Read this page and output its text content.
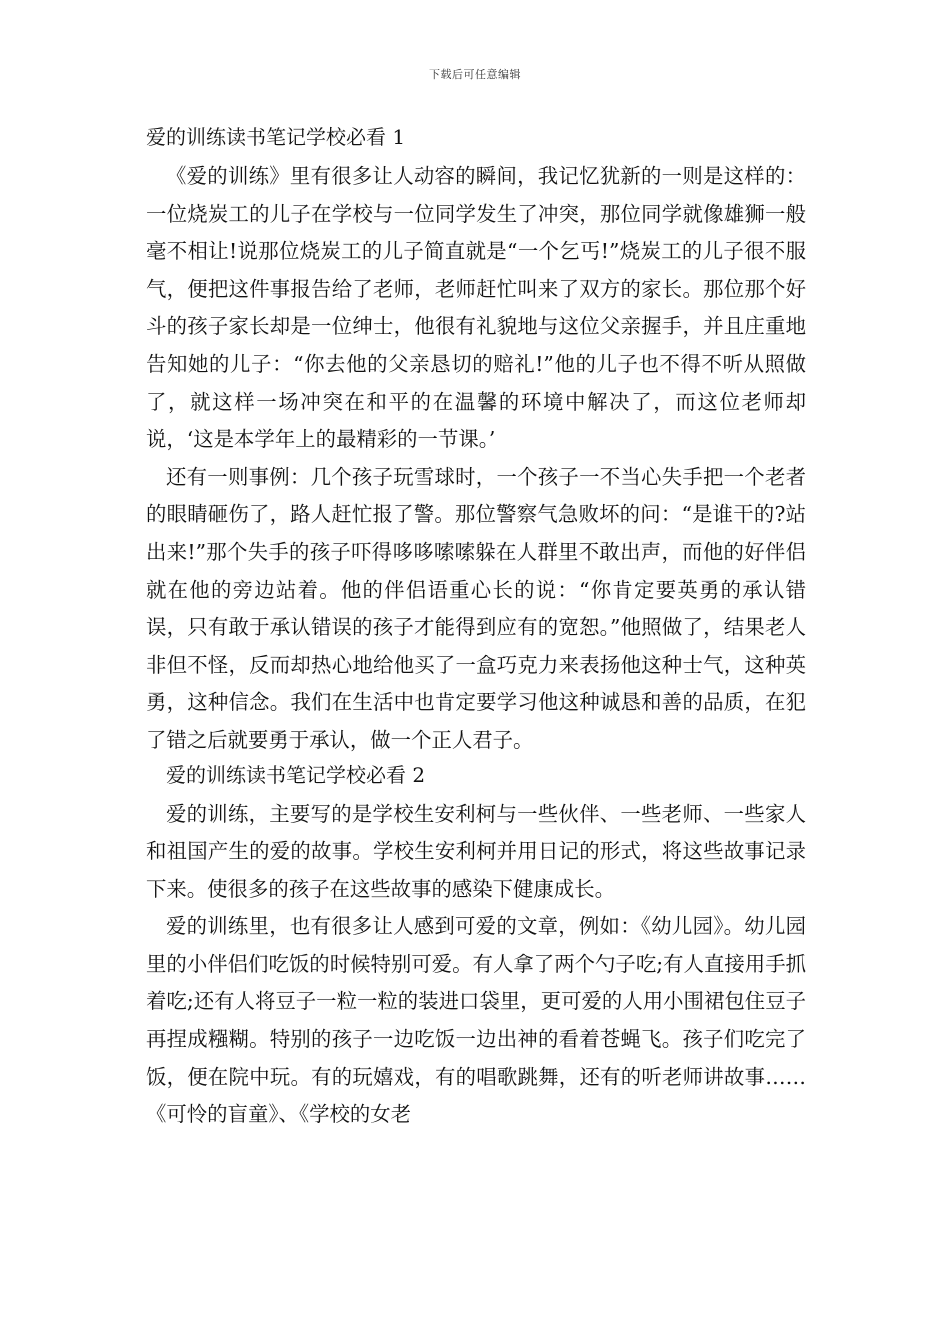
下载后可任意编辑
爱的训练读书笔记学校必看 1

《爱的训练》里有很多让人动容的瞬间，我记忆犹新的一则是这样的：一位烧炭工的儿子在学校与一位同学发生了冲突，那位同学就像雄狮一般毫不相让!说那位烧炭工的儿子简直就是“一个乞丐!”烧炭工的儿子很不服气，便把这件事报告给了老师，老师赶忙叫来了双方的家长。那位那个好斗的孩子家长却是一位绅士，他很有礼貌地与这位父亲握手，并且庄重地告知她的儿子：“你去他的父亲恳切的赔礼!”他的儿子也不得不听从照做了，就这样一场冲突在和平的在温馨的环境中解决了，而这位老师却说，‘这是本学年上的最精彩的一节课。’

还有一则事例：几个孩子玩雪球时，一个孩子一不当心失手把一个老者的眼睛砸伤了，路人赶忙报了警。那位警察气急败坏的问：“是谁干的?站出来!”那个失手的孩子吓得哆哆嗦嗦躲在人群里不敢出声，而他的好伴侣就在他的旁边站着。他的伴侣语重心长的说：“你肯定要英勇的承认错误，只有敢于承认错误的孩子才能得到应有的宽恕。”他照做了，结果老人非但不怪，反而却热心地给他买了一盒巧克力来表扬他这种士气，这种英勇，这种信念。我们在生活中也肯定要学习他这种诚恳和善的品质，在犯了错之后就要勇于承认，做一个正人君子。

爱的训练读书笔记学校必看 2

爱的训练，主要写的是学校生安利柯与一些伙伴、一些老师、一些家人和祖国产生的爱的故事。学校生安利柯并用日记的形式，将这些故事记录下来。使很多的孩子在这些故事的感染下健康成长。

爱的训练里，也有很多让人感到可爱的文章，例如：《幼儿园》。幼儿园里的小伴侣们吃饭的时候特别可爱。有人拿了两个勺子吃;有人直接用手抓着吃;还有人将豆子一粒一粒的装进口袋里，更可爱的人用小围裙包住豆子再捏成糨糊。特别的孩子一边吃饭一边出神的看着苍蝇飞。孩子们吃完了饭，便在院中玩。有的玩嬉戏，有的唱歌跳舞，还有的听老师讲故事……《可怜的盲童》、《学校的女老
